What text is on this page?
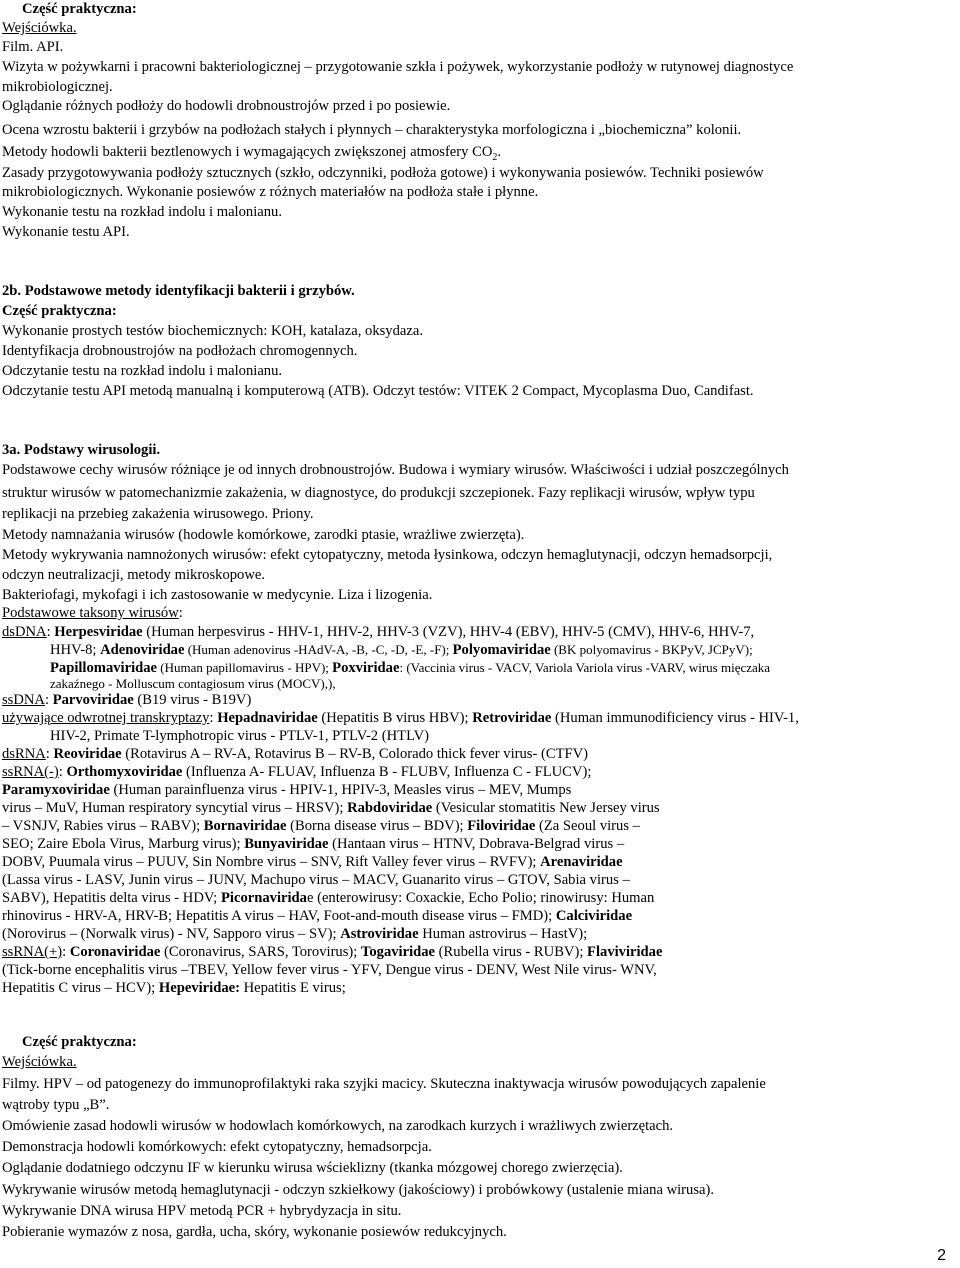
Część praktyczna:
Wejściówka.
Film. API.
Wizyta w pożywkarni i pracowni bakteriologicznej – przygotowanie szkła i pożywek, wykorzystanie podłoży w rutynowej diagnostyce
mikrobiologicznej.
Oglądanie różnych podłoży do hodowli drobnoustrojów przed i po posiewie.
Ocena wzrostu bakterii i grzybów na podłożach stałych i płynnych – charakterystyka morfologiczna i „biochemiczna” kolonii.
Metody hodowli bakterii beztlenowych i wymagających zwiększonej atmosfery $CO_2$.
Zasady przygotowywania podłoży sztucznych (szkło, odczynniki, podłoża gotowe) i wykonywania posiewów. Techniki posiewów
mikrobiologicznych. Wykonanie posiewów z różnych materiałów na podłoża stałe i płynne.
Wykonanie testu na rozkład indolu i malonianu.
Wykonanie testu API.
2b. Podstawowe metody identyfikacji bakterii i grzybów.
Część praktyczna:
Wykonanie prostych testów biochemicznych: KOH, katalaza, oksydaza.
Identyfikacja drobnoustrojów na podłożach chromogennych.
Odczytanie testu na rozkład indolu i malonianu.
Odczytanie testu API metodą manualną i komputerową (ATB). Odczyt testów: VITEK 2 Compact, Mycoplasma Duo, Candifast.
3a. Podstawy wirusologii.
Podstawowe cechy wirusów różniące je od innych drobnoustrojów. Budowa i wymiary wirusów. Właściwości i udział poszczególnych
struktur wirusów w patomechanizmie zakażenia, w diagnostyce, do produkcji szczepionek. Fazy replikacji wirusów, wpływ typu
replikacji na przebieg zakażenia wirusowego. Priony.
Metody namnażania wirusów (hodowle komórkowe, zarodki ptasie, wrażliwe zwierzęta).
Metody wykrywania namnożonych wirusów: efekt cytopatyczny, metoda łysinkowa, odczyn hemaglutynacji, odczyn hemadsorpcji,
odczyn neutralizacji, metody mikroskopowe.
Bakteriofagi, mykofagi i ich zastosowanie w medycynie. Liza i lizogenia.
Podstawowe taksony wirusów:
dsDNA: Herpesviridae (Human herpesvirus - HHV-1, HHV-2, HHV-3 (VZV), HHV-4 (EBV), HHV-5 (CMV), HHV-6, HHV-7,
HHV-8; Adenoviridae (Human adenovirus -HAdV-A, -B, -C, -D, -E, -F); Polyomaviridae (BK polyomavirus - BKPyV, JCPyV);
Papillomaviridae (Human papillomavirus - HPV); Poxviridae: (Vaccinia virus - VACV, Variola Variola virus -VARV, wirus mięczaka
zakaźnego - Molluscum contagiosum virus (MOCV),),
ssDNA: Parvoviridae (B19 virus - B19V)
używające odwrotnej transkryptazy: Hepadnaviridae (Hepatitis B virus HBV); Retroviridae (Human immunodificiency virus - HIV-1,
HIV-2, Primate T-lymphotropic virus - PTLV-1, PTLV-2 (HTLV)
dsRNA: Reoviridae (Rotavirus A – RV-A, Rotavirus B – RV-B, Colorado thick fever virus- (CTFV)
ssRNA(-): Orthomyxoviridae (Influenza A- FLUAV, Influenza B - FLUBV, Influenza C - FLUCV);
Paramyxoviridae (Human parainfluenza virus - HPIV-1, HPIV-3, Measles virus – MEV, Mumps
virus – MuV, Human respiratory syncytial virus – HRSV); Rabdoviridae (Vesicular stomatitis New Jersey virus
– VSNJV, Rabies virus – RABV); Bornaviridae (Borna disease virus – BDV); Filoviridae (Za Seoul virus –
SEO; Zaire Ebola Virus, Marburg virus); Bunyaviridae (Hantaan virus – HTNV, Dobrava-Belgrad virus –
DOBV, Puumala virus – PUUV, Sin Nombre virus – SNV, Rift Valley fever virus – RVFV); Arenaviridae
(Lassa virus - LASV, Junin virus – JUNV, Machupo virus – MACV, Guanarito virus – GTOV, Sabia virus –
SABV), Hepatitis delta virus - HDV; Picornaviridae (enterowirusy: Coxackie, Echo Polio; rinowirusy: Human
rhinovirus - HRV-A, HRV-B; Hepatitis A virus – HAV, Foot-and-mouth disease virus – FMD); Calciviridae
(Norovirus – (Norwalk virus) - NV, Sapporo virus – SV); Astroviridae Human astrovirus – HastV);
ssRNA(+): Coronaviridae (Coronavirus, SARS, Torovirus); Togaviridae (Rubella virus - RUBV); Flaviviridae
(Tick-borne encephalitis virus –TBEV, Yellow fever virus - YFV, Dengue virus - DENV, West Nile virus- WNV,
Hepatitis C virus – HCV); Hepeviridae: Hepatitis E virus;
Część praktyczna:
Wejściówka.
Filmy. HPV – od patogenezy do immunoprofilaktyki raka szyjki macicy. Skuteczna inaktywacja wirusów powodujących zapalenie
wątroby typu „B”.
Omówienie zasad hodowli wirusów w hodowlach komórkowych, na zarodkach kurzych i wrażliwych zwierzętach.
Demonstracja hodowli komórkowych: efekt cytopatyczny, hemadsorpcja.
Oglądanie dodatniego odczynu IF w kierunku wirusa wścieklizny (tkanka mózgowej chorego zwierzęcia).
Wykrywanie wirusów metodą hemaglutynacji - odczyn szkiełkowy (jakościowy) i probówkowy (ustalenie miana wirusa).
Wykrywanie DNA wirusa HPV metodą PCR + hybrydyzacja in situ.
Pobieranie wymazów z nosa, gardła, ucha, skóry, wykonanie posiewów redukcyjnych.
2
